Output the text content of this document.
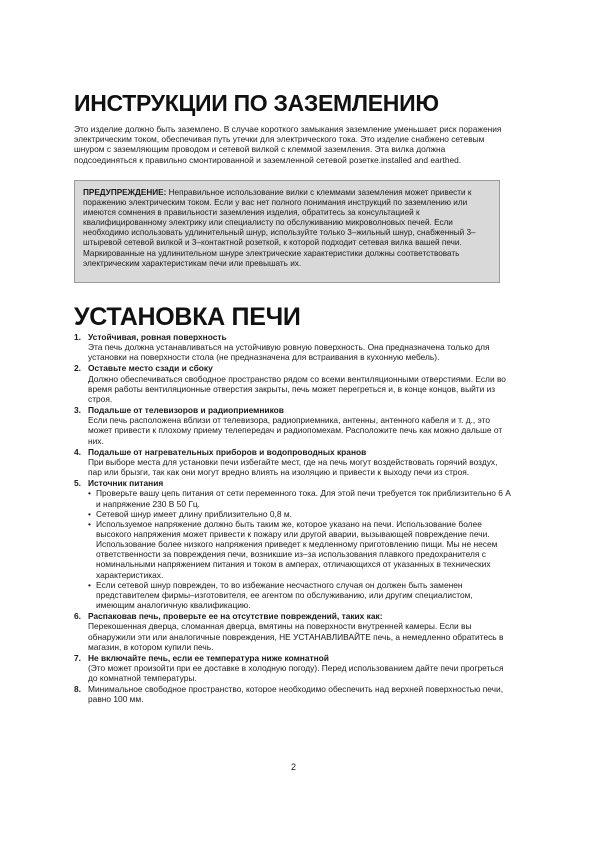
ИНСТРУКЦИИ ПО ЗАЗЕМЛЕНИЮ

Это изделие должно быть заземлено. В случае короткого замыкания заземление уменьшает риск поражения электрическим током, обеспечивая путь утечки для электрического тока. Это изделие снабжено сетевым шнуром с заземляющим проводом и сетевой вилкой с клеммой заземления. Эта вилка должна подсоединяться к правильно смонтированной и заземленной сетевой розетке.installed and earthed.

ПРЕДУПРЕЖДЕНИЕ: Неправильное использование вилки с клеммами заземления может привести к поражению электрическим током. Если у вас нет полного понимания инструкций по заземлению или имеются сомнения в правильности заземления изделия, обратитесь за консультацией к квалифицированному электрику или специалисту по обслуживанию микроволновых печей. Если необходимо использовать удлинительный шнур, используйте только 3–жильный шнур, снабженный 3–штыревой сетевой вилкой и 3–контактной розеткой, к которой подходит сетевая вилка вашей печи. Маркированные на удлинительном шнуре электрические характеристики должны соответствовать электрическим характеристикам печи или превышать их.
УСТАНОВКА ПЕЧИ
1. Устойчивая, ровная поверхность
Эта печь должна устанавливаться на устойчивую ровную поверхность. Она предназначена только для установки на поверхности стола (не предназначена для встраивания в кухонную мебель).
2. Оставьте место сзади и сбоку
Должно обеспечиваться свободное пространство рядом со всеми вентиляционными отверстиями. Если во время работы вентиляционные отверстия закрыты, печь может перегреться и, в конце концов, выйти из строя.
3. Подальше от телевизоров и радиоприемников
Если печь расположена вблизи от телевизора, радиоприемника, антенны, антенного кабеля и т. д., это может привести к плохому приему телепередач и радиопомехам. Расположите печь как можно дальше от них.
4. Подальше от нагревательных приборов и водопроводных кранов
При выборе места для установки печи избегайте мест, где на печь могут воздействовать горячий воздух, пар или брызги, так как они могут вредно влиять на изоляцию и привести к выходу печи из строя.
5. Источник питания
• Проверьте вашу цепь питания от сети переменного тока. Для этой печи требуется ток приблизительно 6 А и напряжение 230 В 50 Гц.
• Сетевой шнур имеет длину приблизительно 0,8 м.
• Используемое напряжение должно быть таким же, которое указано на печи. Использование более высокого напряжения может привести к пожару или другой аварии, вызывающей повреждение печи. Использование более низкого напряжения приведет к медленному приготовлению пищи. Мы не несем ответственности за повреждения печи, возникшие из–за использования плавкого предохранителя с номинальными напряжением питания и током в амперах, отличающихся от указанных в технических характеристиках.
• Если сетевой шнур поврежден, то во избежание несчастного случая он должен быть заменен представителем фирмы–изготовителя, ее агентом по обслуживанию, или другим специалистом, имеющим аналогичную квалификацию.
6. Распаковав печь, проверьте ее на отсутствие повреждений, таких как:
Перекошенная дверца, сломанная дверца, вмятины на поверхности внутренней камеры. Если вы обнаружили эти или аналогичные повреждения, НЕ УСТАНАВЛИВАЙТЕ печь, а немедленно обратитесь в магазин, в котором купили печь.
7. Не включайте печь, если ее температура ниже комнатной
(Это может произойти при ее доставке в холодную погоду). Перед использованием дайте печи прогреться до комнатной температуры.
8. Минимальное свободное пространство, которое необходимо обеспечить над верхней поверхностью печи, равно 100 мм.
2
